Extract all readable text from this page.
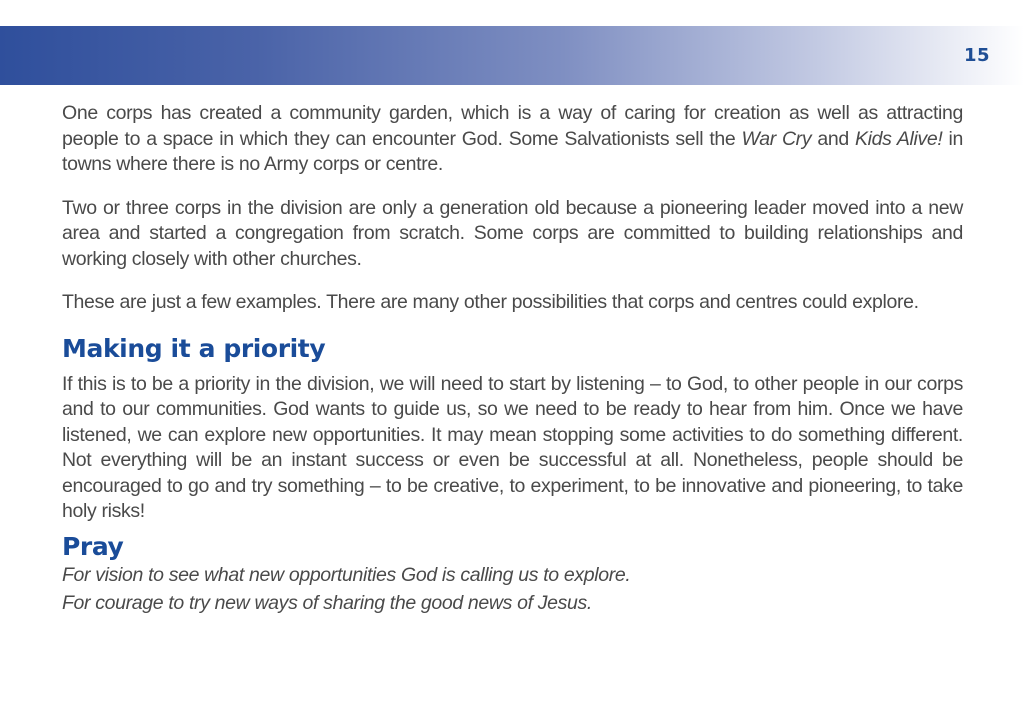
15

One corps has created a community garden, which is a way of caring for creation as well as attracting people to a space in which they can encounter God. Some Salvationists sell the War Cry and Kids Alive! in towns where there is no Army corps or centre.

Two or three corps in the division are only a generation old because a pioneering leader moved into a new area and started a congregation from scratch. Some corps are committed to building relationships and working closely with other churches.

These are just a few examples. There are many other possibilities that corps and centres could explore.

Making it a priority

If this is to be a priority in the division, we will need to start by listening – to God, to other people in our corps and to our communities. God wants to guide us, so we need to be ready to hear from him. Once we have listened, we can explore new opportunities. It may mean stopping some activities to do something different. Not everything will be an instant success or even be successful at all. Nonetheless, people should be encouraged to go and try something – to be creative, to experiment, to be innovative and pioneering, to take holy risks!

Pray

For vision to see what new opportunities God is calling us to explore.

For courage to try new ways of sharing the good news of Jesus.
